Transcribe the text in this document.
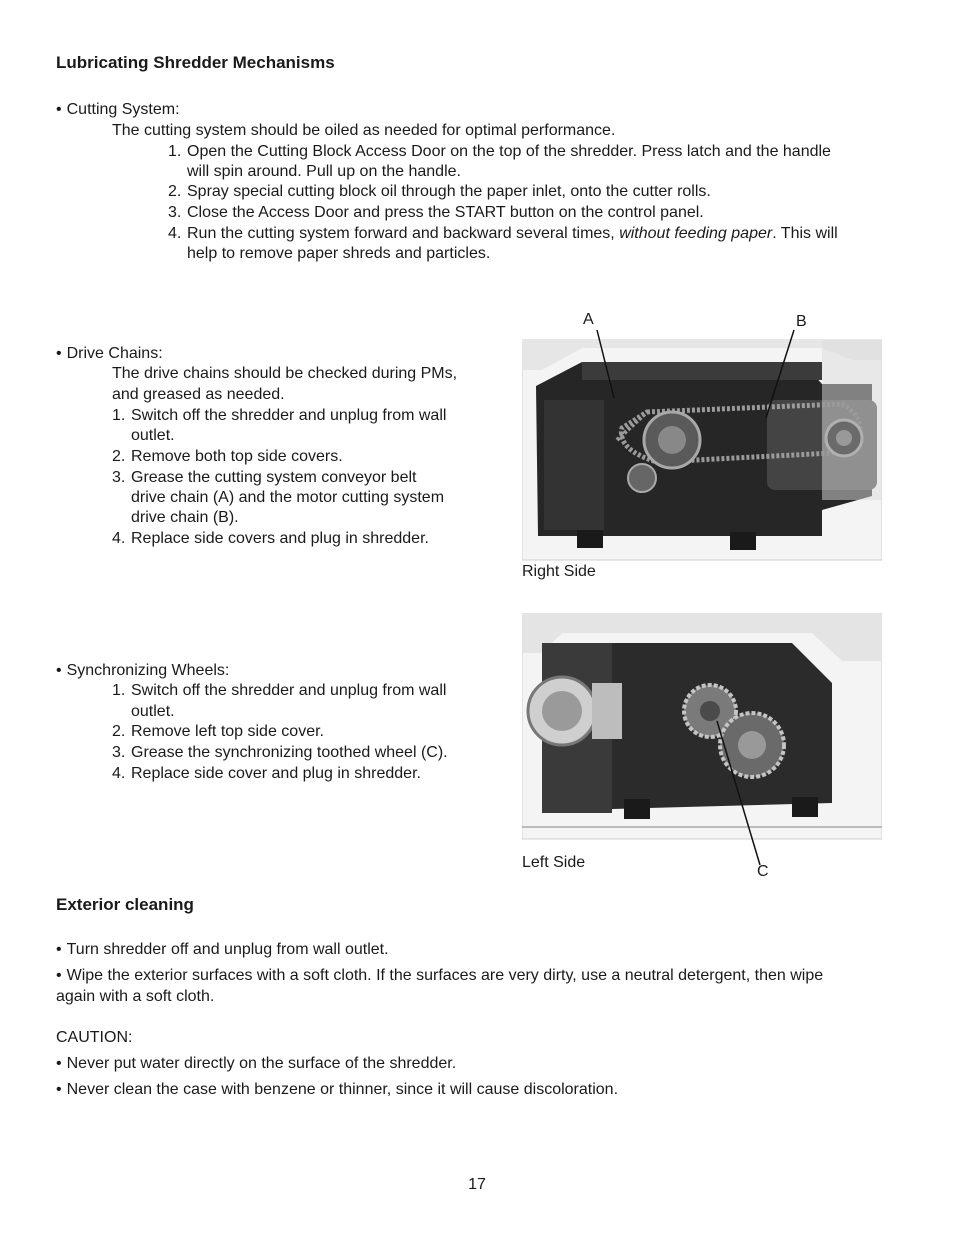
Lubricating Shredder Mechanisms
• Cutting System:
The cutting system should be oiled as needed for optimal performance.
1. Open the Cutting Block Access Door on the top of the shredder. Press latch and the handle
will spin around. Pull up on the handle.
2. Spray special cutting block oil through the paper inlet, onto the cutter rolls.
3. Close the Access Door and press the START button on the control panel.
4. Run the cutting system forward and backward several times, without feeding paper. This will
help to remove paper shreds and particles.
• Drive Chains:
The drive chains should be checked during PMs,
and greased as needed.
1. Switch off the shredder and unplug from wall
outlet.
2. Remove both top side covers.
3. Grease the cutting system conveyor belt
drive chain (A) and the motor cutting system
drive chain (B).
4. Replace side covers and plug in shredder.
A	B
Right Side
• Synchronizing Wheels:
1. Switch off the shredder and unplug from wall
outlet.
2. Remove left top side cover.
3. Grease the synchronizing toothed wheel (C).
4. Replace side cover and plug in shredder.
Left Side
C
Exterior cleaning
• Turn shredder off and unplug from wall outlet.
• Wipe the exterior surfaces with a soft cloth. If the surfaces are very dirty, use a neutral detergent, then wipe
again with a soft cloth.
CAUTION:
• Never put water directly on the surface of the shredder.
• Never clean the case with benzene or thinner, since it will cause discoloration.
17
